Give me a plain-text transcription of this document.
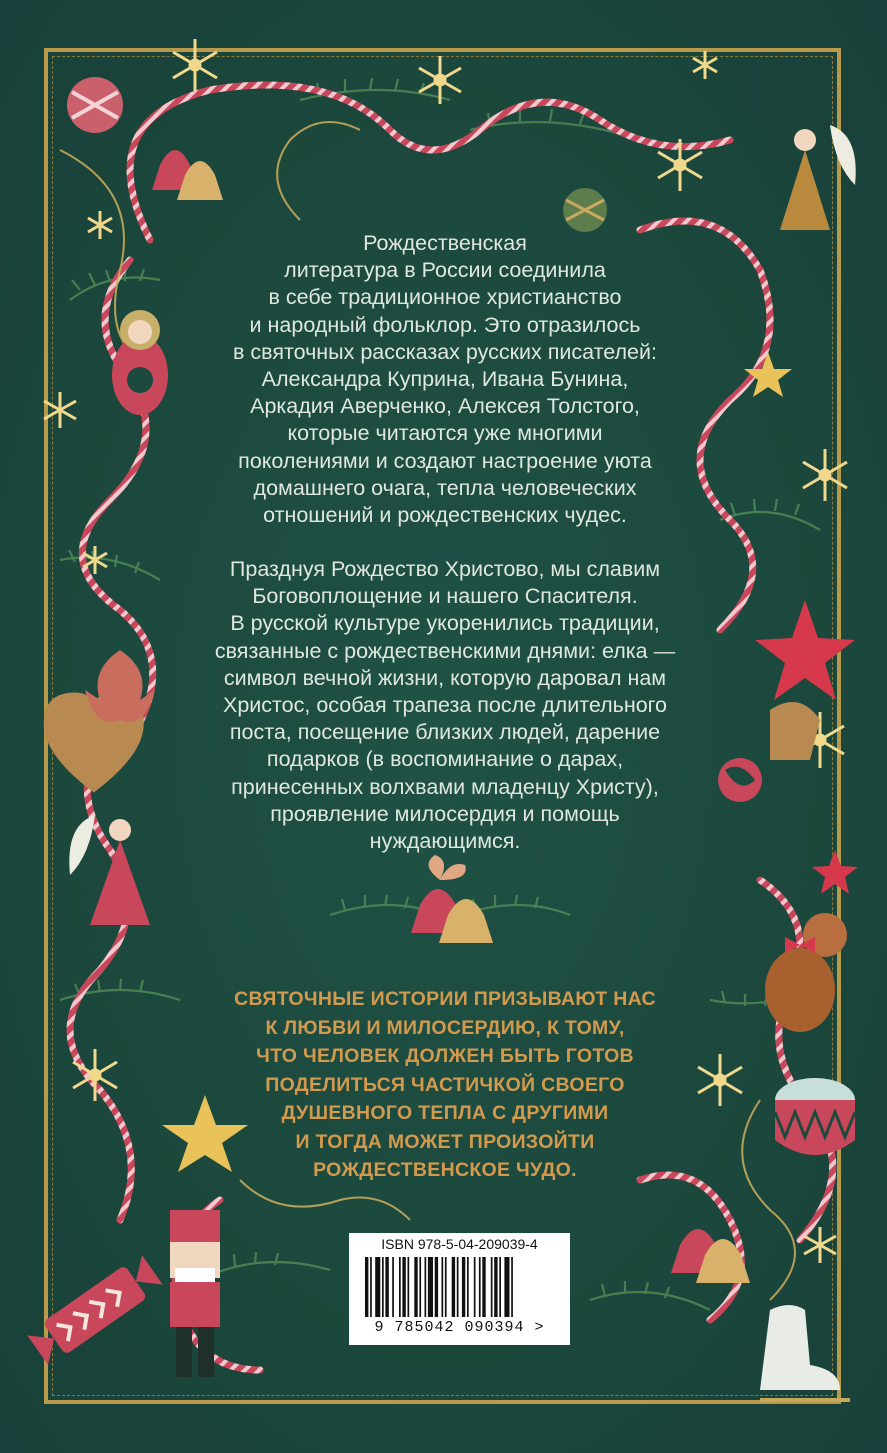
Рождественская
литература в России соединила
в себе традиционное христианство
и народный фольклор. Это отразилось
в святочных рассказах русских писателей:
Александра Куприна, Ивана Бунина,
Аркадия Аверченко, Алексея Толстого,
которые читаются уже многими
поколениями и создают настроение уюта
домашнего очага, тепла человеческих
отношений и рождественских чудес.
Празднуя Рождество Христово, мы славим
Боговоплощение и нашего Спасителя.
В русской культуре укоренились традиции,
связанные с рождественскими днями: елка —
символ вечной жизни, которую даровал нам
Христос, особая трапеза после длительного
поста, посещение близких людей, дарение
подарков (в воспоминание о дарах,
принесенных волхвами младенцу Христу),
проявление милосердия и помощь
нуждающимся.
СВЯТОЧНЫЕ ИСТОРИИ ПРИЗЫВАЮТ НАС
К ЛЮБВИ И МИЛОСЕРДИЮ, К ТОМУ,
ЧТО ЧЕЛОВЕК ДОЛЖЕН БЫТЬ ГОТОВ
ПОДЕЛИТЬСЯ ЧАСТИЧКОЙ СВОЕГО
ДУШЕВНОГО ТЕПЛА С ДРУГИМИ
И ТОГДА МОЖЕТ ПРОИЗОЙТИ
РОЖДЕСТВЕНСКОЕ ЧУДО.
ISBN 978-5-04-209039-4
9 785042 090394 >
